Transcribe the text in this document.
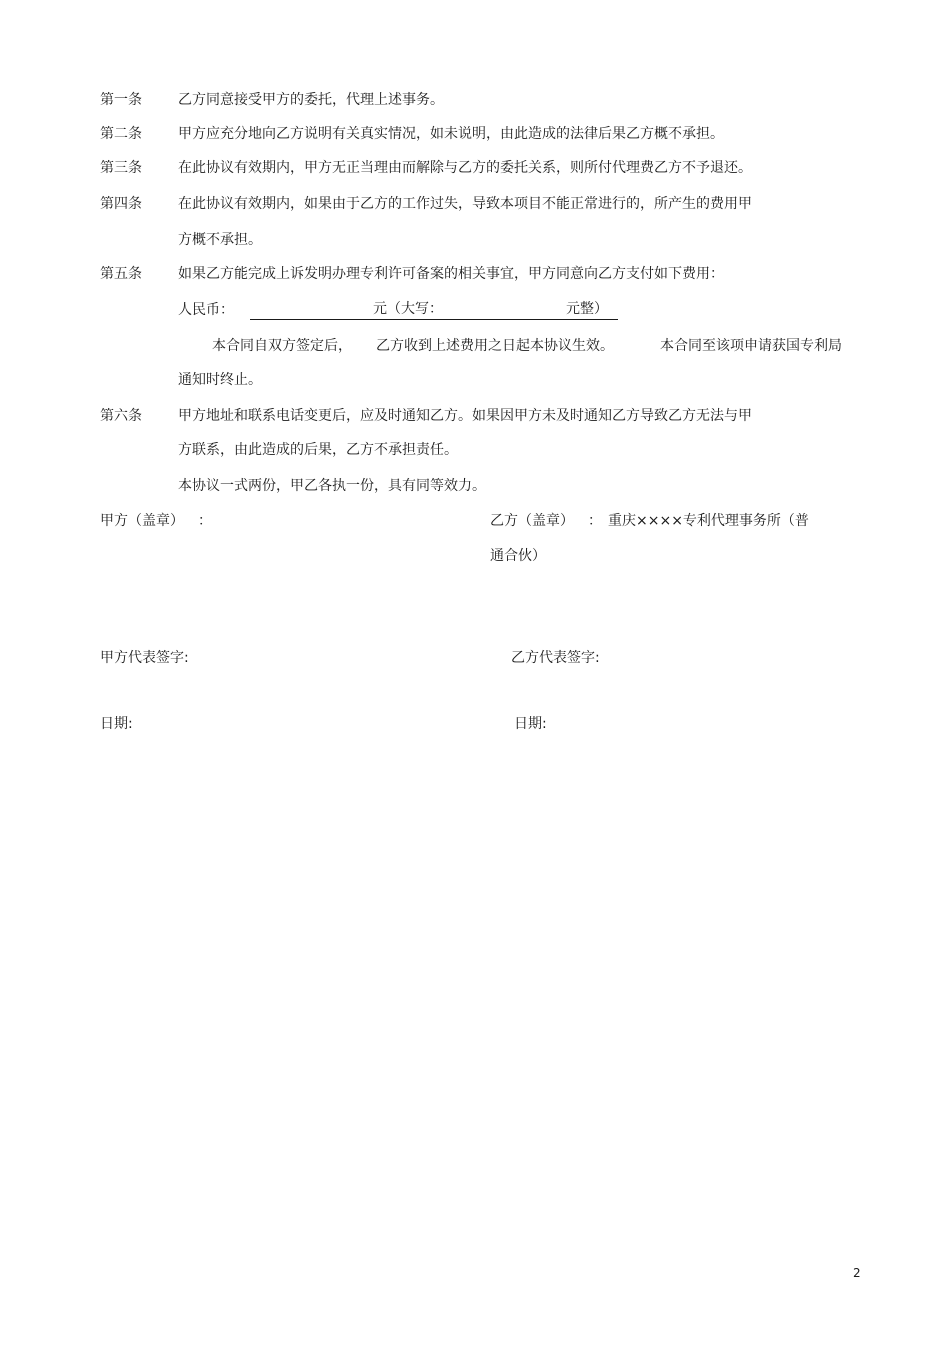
第一条	乙方同意接受甲方的委托，代理上述事务。
第二条	甲方应充分地向乙方说明有关真实情况，如未说明，由此造成的法律后果乙方概不承担。
第三条	在此协议有效期内，甲方无正当理由而解除与乙方的委托关系，则所付代理费乙方不予退还。
第四条	在此协议有效期内，如果由于乙方的工作过失，导致本项目不能正常进行的，所产生的费用甲
方概不承担。
第五条	如果乙方能完成上诉发明办理专利许可备案的相关事宜，甲方同意向乙方支付如下费用：
人民币：	元（大写：	元整）
本合同自双方签定后， 乙方收到上述费用之日起本协议生效。	本合同至该项申请获国专利局
通知时终止。
第六条	甲方地址和联系电话变更后，应及时通知乙方。如果因甲方未及时通知乙方导致乙方无法与甲
方联系，由此造成的后果，乙方不承担责任。
本协议一式两份，甲乙各执一份，具有同等效力。
甲方（盖章） ：	乙方（盖章） ： 重庆××××专利代理事务所（普
通合伙）
甲方代表签字:	乙方代表签字:
日期:	日期:
2
